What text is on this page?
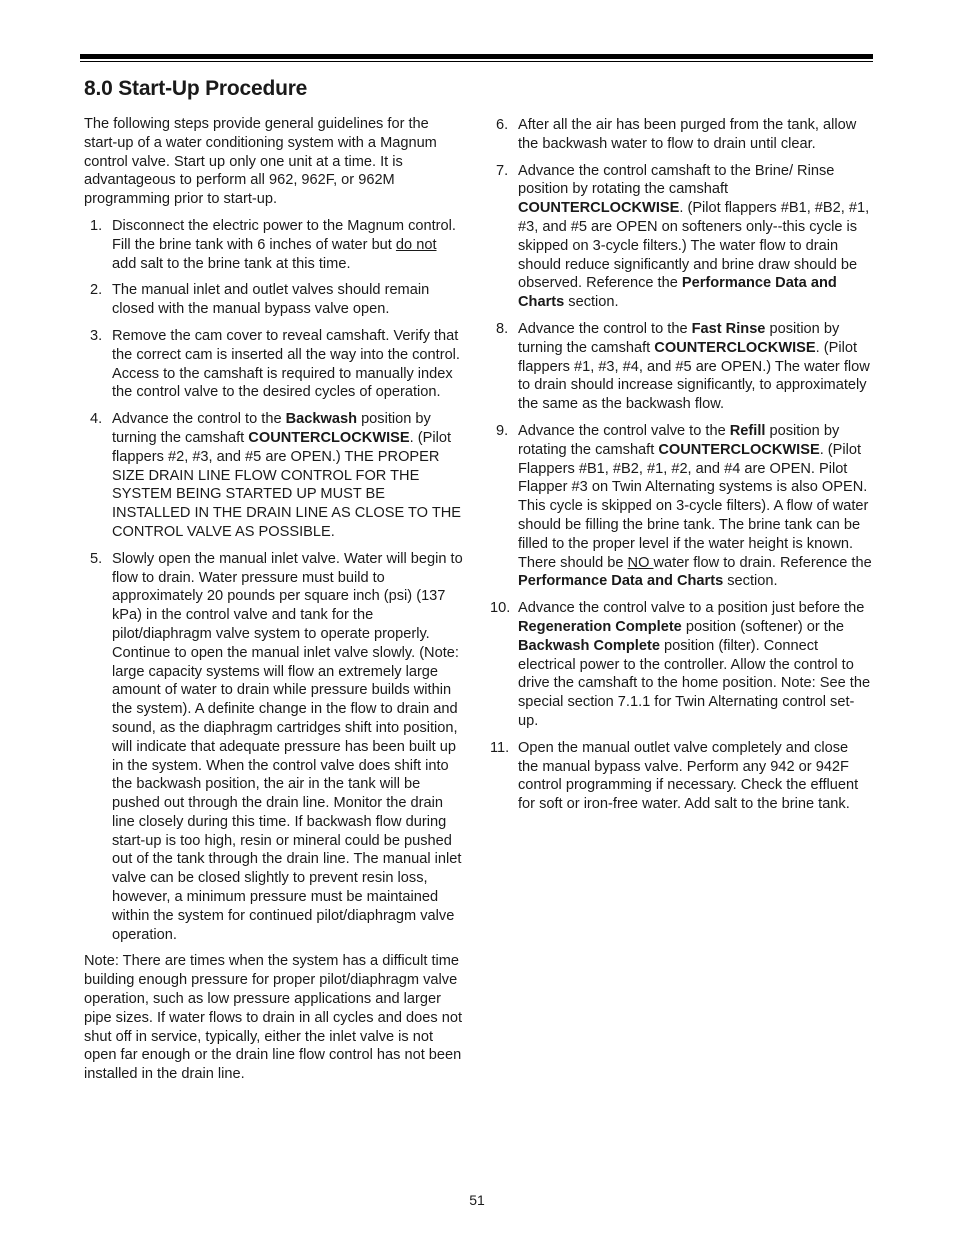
8.0 Start-Up Procedure

The following steps provide general guidelines for the start-up of a water conditioning system with a Magnum control valve. Start up only one unit at a time. It is advantageous to perform all 962, 962F, or 962M programming prior to start-up.

1. Disconnect the electric power to the Magnum control. Fill the brine tank with 6 inches of water but do not add salt to the brine tank at this time.
2. The manual inlet and outlet valves should remain closed with the manual bypass valve open.
3. Remove the cam cover to reveal camshaft. Verify that the correct cam is inserted all the way into the control. Access to the camshaft is required to manually index the control valve to the desired cycles of operation.
4. Advance the control to the Backwash position by turning the camshaft COUNTERCLOCKWISE. (Pilot flappers #2, #3, and #5 are OPEN.) THE PROPER SIZE DRAIN LINE FLOW CONTROL FOR THE SYSTEM BEING STARTED UP MUST BE INSTALLED IN THE DRAIN LINE AS CLOSE TO THE CONTROL VALVE AS POSSIBLE.
5. Slowly open the manual inlet valve. Water will begin to flow to drain. Water pressure must build to approximately 20 pounds per square inch (psi) (137 kPa) in the control valve and tank for the pilot/diaphragm valve system to operate properly. Continue to open the manual inlet valve slowly. (Note: large capacity systems will flow an extremely large amount of water to drain while pressure builds within the system). A definite change in the flow to drain and sound, as the diaphragm cartridges shift into position, will indicate that adequate pressure has been built up in the system. When the control valve does shift into the backwash position, the air in the tank will be pushed out through the drain line. Monitor the drain line closely during this time. If backwash flow during start-up is too high, resin or mineral could be pushed out of the tank through the drain line. The manual inlet valve can be closed slightly to prevent resin loss, however, a minimum pressure must be maintained within the system for continued pilot/diaphragm valve operation.

Note: There are times when the system has a difficult time building enough pressure for proper pilot/diaphragm valve operation, such as low pressure applications and larger pipe sizes. If water flows to drain in all cycles and does not shut off in service, typically, either the inlet valve is not open far enough or the drain line flow control has not been installed in the drain line.

6. After all the air has been purged from the tank, allow the backwash water to flow to drain until clear.
7. Advance the control camshaft to the Brine/ Rinse position by rotating the camshaft COUNTERCLOCKWISE. (Pilot flappers #B1, #B2, #1, #3, and #5 are OPEN on softeners only--this cycle is skipped on 3-cycle filters.) The water flow to drain should reduce significantly and brine draw should be observed. Reference the Performance Data and Charts section.
8. Advance the control to the Fast Rinse position by turning the camshaft COUNTERCLOCKWISE. (Pilot flappers #1, #3, #4, and #5 are OPEN.) The water flow to drain should increase significantly, to approximately the same as the backwash flow.
9. Advance the control valve to the Refill position by rotating the camshaft COUNTERCLOCKWISE. (Pilot Flappers #B1, #B2, #1, #2, and #4 are OPEN. Pilot Flapper #3 on Twin Alternating systems is also OPEN. This cycle is skipped on 3-cycle filters). A flow of water should be filling the brine tank. The brine tank can be filled to the proper level if the water height is known. There should be NO water flow to drain. Reference the Performance Data and Charts section.
10. Advance the control valve to a position just before the Regeneration Complete position (softener) or the Backwash Complete position (filter). Connect electrical power to the controller. Allow the control to drive the camshaft to the home position. Note: See the special section 7.1.1 for Twin Alternating control set-up.
11. Open the manual outlet valve completely and close the manual bypass valve. Perform any 942 or 942F control programming if necessary. Check the effluent for soft or iron-free water. Add salt to the brine tank.
51
